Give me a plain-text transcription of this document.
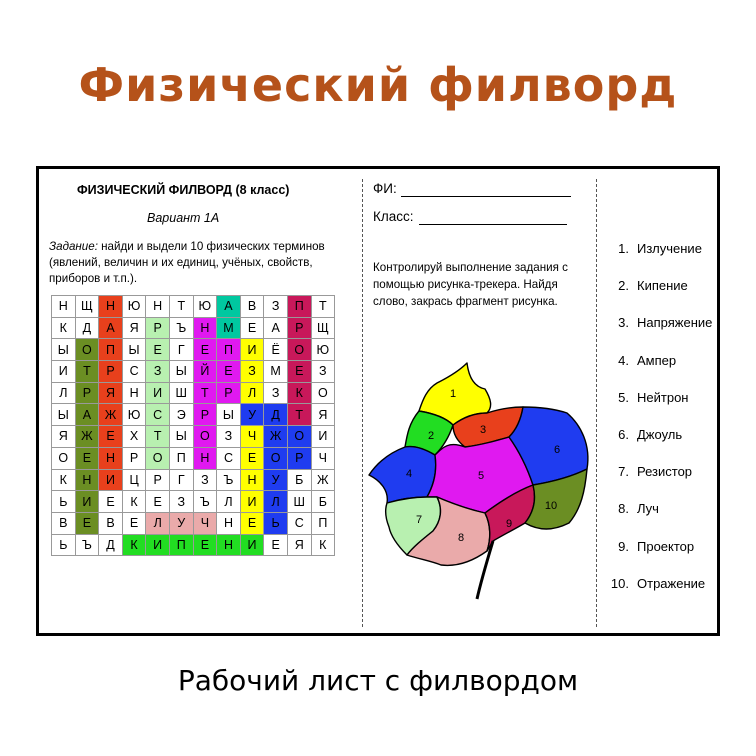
Физический филворд
ФИЗИЧЕСКИЙ ФИЛВОРД (8 класс)
Вариант 1А
Задание: найди и выдели 10 физических терминов (явлений, величин и их единиц, учёных, свойств, приборов и т.п.).
Н	Щ	Н	Ю	Н	Т	Ю	А	В	З	П	Т
К	Д	А	Я	Р	Ъ	Н	М	Е	А	Р	Щ
Ы	О	П	Ы	Е	Г	Е	П	И	Ё	О	Ю
И	Т	Р	С	З	Ы	Й	Е	З	М	Е	З
Л	Р	Я	Н	И	Ш	Т	Р	Л	З	К	О
Ы	А	Ж	Ю	С	Э	Р	Ы	У	Д	Т	Я
Я	Ж	Е	Х	Т	Ы	О	З	Ч	Ж	О	И
О	Е	Н	Р	О	П	Н	С	Е	О	Р	Ч
К	Н	И	Ц	Р	Г	З	Ъ	Н	У	Б	Ж
Ь	И	Е	К	Е	З	Ъ	Л	И	Л	Ш	Б
В	Е	В	Е	Л	У	Ч	Н	Е	Ь	С	П
Ь	Ъ	Д	К	И	П	Е	Н	И	Е	Я	К
ФИ:
Класс:
Контролируй выполнение задания с помощью рисунка-трекера. Найдя слово, закрась фрагмент рисунка.
1
2	3
4	5
6
7
8
9
10
1. Излучение
2. Кипение
3. Напряжение
4. Ампер
5. Нейтрон
6. Джоуль
7. Резистор
8. Луч
9. Проектор
10. Отражение
Рабочий лист с филвордом
